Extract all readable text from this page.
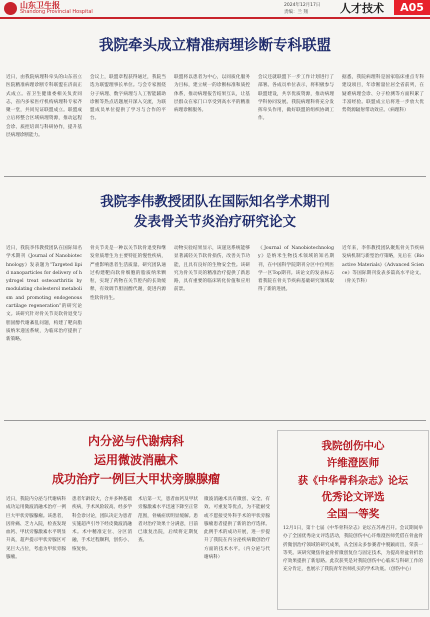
山东卫生报
Shandong Provincial Hospital
2024年12月17日
责编：兰 翔	人才技术	A05
我院牵头成立精准病理诊断专科联盟
近日，由我院病理科牵头的山东省立医院精准病理诊断专科联盟在济南正式成立。省卫生健康委相关负责同志，省内多家医疗机构病理科专家齐聚一堂，共同见证联盟成立。联盟成立后将整合区域病理资源，推动远程会诊、质控培训与科研协作，提升基层病理诊断能力。
会议上，联盟章程获得通过，我院当选为联盟理事长单位。与会专家围绕分子病理、数字病理与人工智能辅助诊断等热点话题展开深入交流，为联盟成员单位提供了学习与合作的平台。
联盟将以患者为中心，以同质化服务为目标，建立统一的诊断标准和质控体系，推动病理报告结果互认，让基层群众在家门口享受到高水平的精准病理诊断服务。
会议还就联盟下一步工作计划进行了部署。各成员单位表示，将积极参与联盟建设，共享优质资源，推动病理学科协同发展。我院病理科将充分发挥牵头作用，做好联盟的组织协调工作。
据悉，我院病理科是国家临床重点专科建设项目，年诊断量位居全省前列，在疑难病理会诊、分子检测等方面积累了丰富经验。联盟成立后将进一步放大优势资源辐射带动效应。（病理科）
我院李伟教授团队在国际知名学术期刊
发表骨关节炎治疗研究论文
近日，我院李伟教授团队在国际知名学术期刊《Journal of Nanobiotechnology》发表题为“Targeted lipid nanoparticles for delivery of hydrogel treat osteoarthritis by modulating cholesterol metabolism and promoting endogenous cartilage regeneration”的研究论文。该研究针对骨关节炎软骨退变与胆固醇代谢紊乱问题，构建了靶向脂质纳米递送系统，为临床治疗提供了新策略。
骨关节炎是一种以关节软骨退变和继发骨质增生为主要特征的慢性疾病，严重影响患者生活质量。研究团队通过构建靶向软骨细胞的脂质纳米颗粒，实现了药物在关节腔内的长效缓释，有效调节胆固醇代谢，促进内源性软骨再生。
动物实验结果显示，该递送系统能够显著减轻关节软骨损伤，改善关节功能，且具有良好的生物安全性。该研究为骨关节炎的精准治疗提供了新思路，具有重要的临床转化价值和应用前景。
《Journal of Nanobiotechnology》是纳米生物技术领域的知名期刊，在中国科学院期刊分区中位列医学一区Top期刊。该论文的发表标志着我院在骨关节疾病基础研究领域取得了新的进展。
近年来，李伟教授团队聚焦骨关节疾病发病机制与新型治疗策略，先后在《Bioactive Materials》《Advanced Science》等国际期刊发表多篇高水平论文。（骨关节科）
内分泌与代谢病科
运用微波消融术
成功治疗一例巨大甲状旁腺腺瘤
近日，我院内分泌与代谢病科成功运用微波消融术治疗一例巨大甲状旁腺腺瘤。该患者，因骨痛、乏力入院，检查发现血钙、甲状旁腺激素水平明显升高，超声提示甲状旁腺区可见巨大占位，考虑为甲状旁腺腺瘤。
患者年龄较大，合并多种基础疾病，手术风险较高。经多学科会诊讨论，团队决定为患者实施超声引导下经皮微波消融术。术中精准定位、分区消融，手术过程顺利，创伤小、恢复快。
术后第一天，患者血钙及甲状旁腺激素水平迅速下降至正常范围，骨痛症状明显缓解。患者对治疗效果十分满意，目前已康复出院，后续将定期复查。
微波消融术具有微创、安全、有效、可重复等优点，为不能耐受或不愿接受外科手术的甲状旁腺腺瘤患者提供了新的治疗选择。此例手术的成功开展，进一步提升了我院在内分泌疾病微创治疗方面的技术水平。（内分泌与代谢病科）
我院创伤中心
许维澄医师
获《中华骨科杂志》论坛
优秀论文评选
全国一等奖
12月1日，第十七届《中华骨科杂志》论坛在苏州召开。会议期间举办了全国优秀论文评选活动，我院创伤中心许维澄医师凭借在骨盆骨折微创治疗领域的研究成果，从全国众多参赛者中脱颖而出，荣获一等奖。该研究聚焦骨盆骨折微创复位与固定技术，为提高骨盆骨折治疗效果提供了新思路。此次获奖是对我院创伤中心临床与科研工作的充分肯定，也展示了我院青年医师扎实的学术功底。（创伤中心）
